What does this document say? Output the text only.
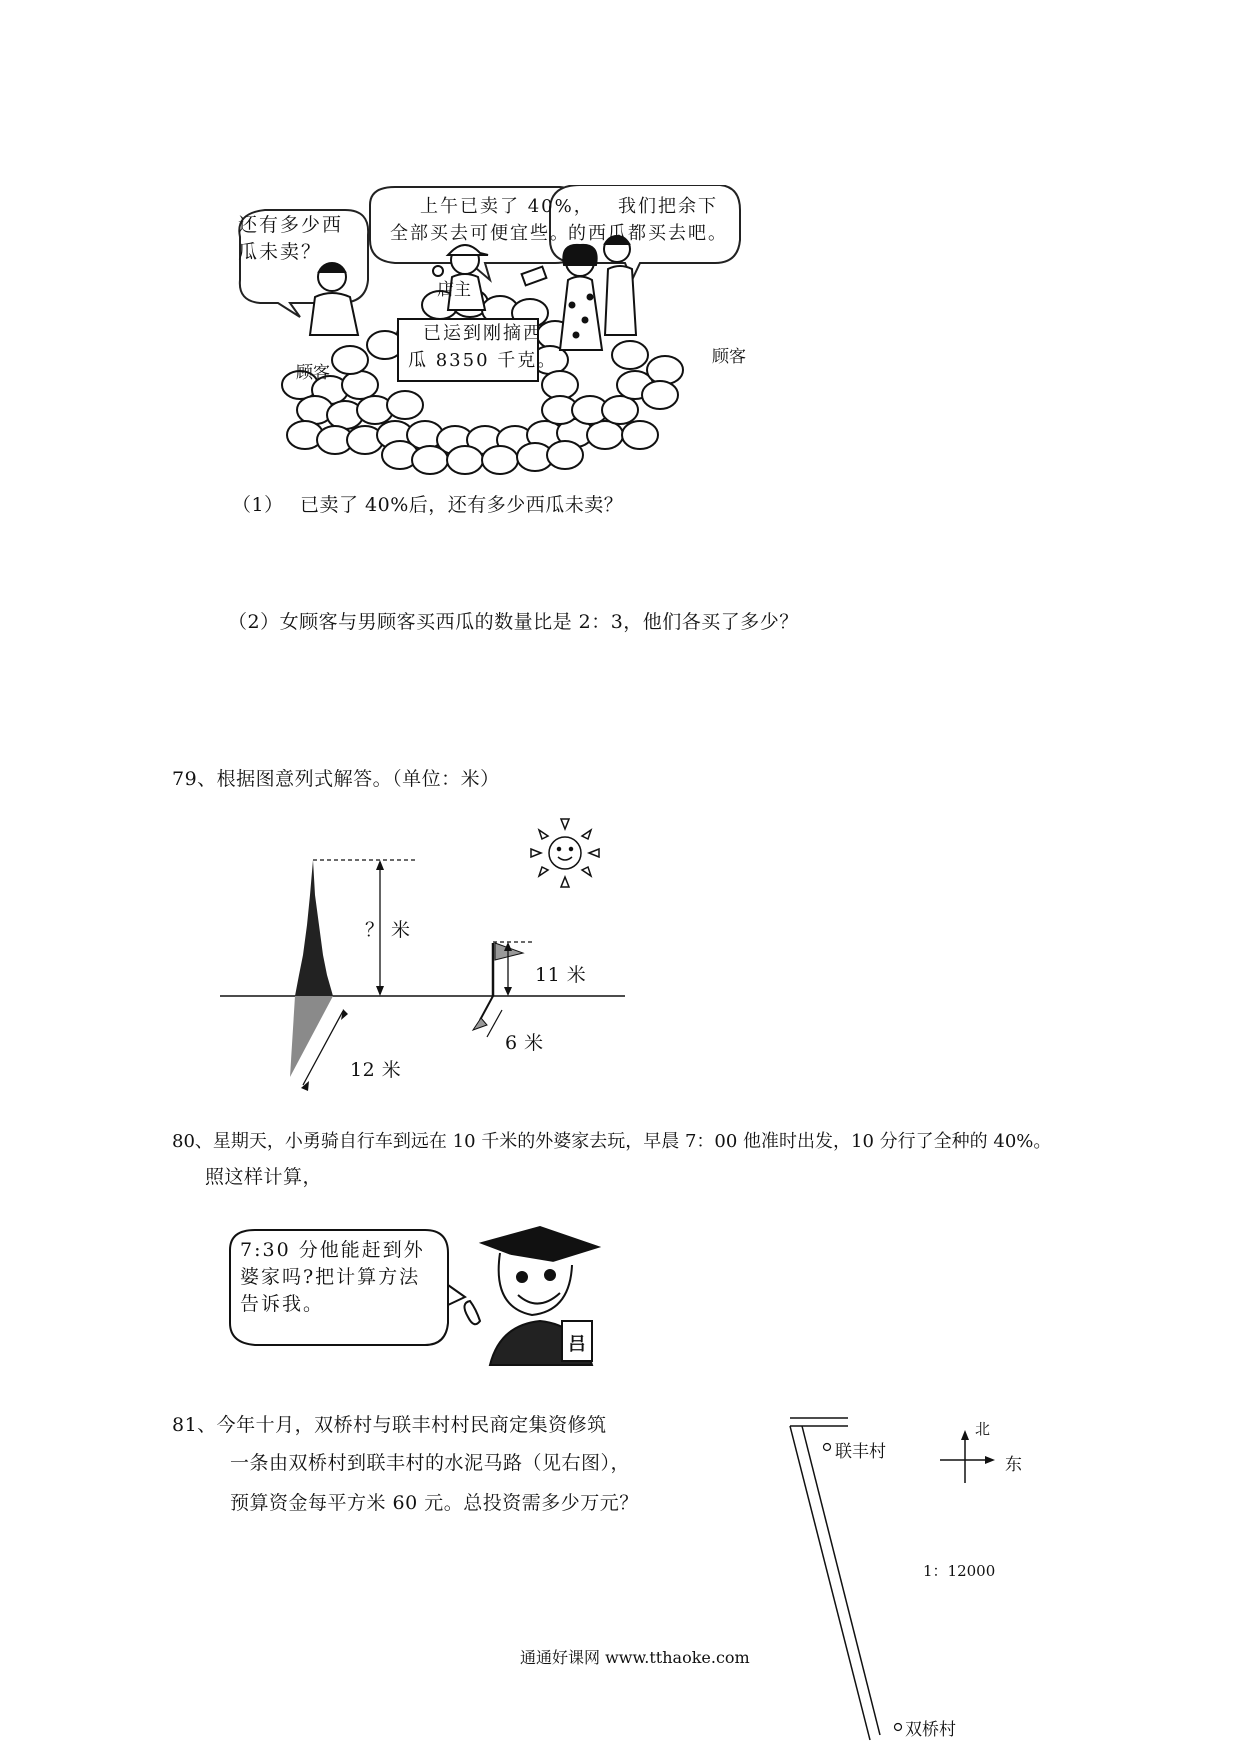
还有多少西
瓜未卖？
上午已卖了 40%，
全部买去可便宜些。
我们把余下
的西瓜都买去吧。
店主
顾客
顾客
已运到刚摘西
瓜 8350 千克。
（1） 已卖了 40%后，还有多少西瓜未卖？
（2）女顾客与男顾客买西瓜的数量比是 2：3，他们各买了多少？
79、根据图意列式解答。（单位：米）
？ 米
11 米
6 米
12 米
80、星期天，小勇骑自行车到远在 10 千米的外婆家去玩，早晨 7：00 他准时出发，10 分行了全种的 40%。
照这样计算，
7:30 分他能赶到外
婆家吗?把计算方法
告诉我。
吕
81、今年十月，双桥村与联丰村村民商定集资修筑
一条由双桥村到联丰村的水泥马路（见右图），
预算资金每平方米 60 元。总投资需多少万元？
联丰村
双桥村
北
东
1：12000
通通好课网 www.tthaoke.com
